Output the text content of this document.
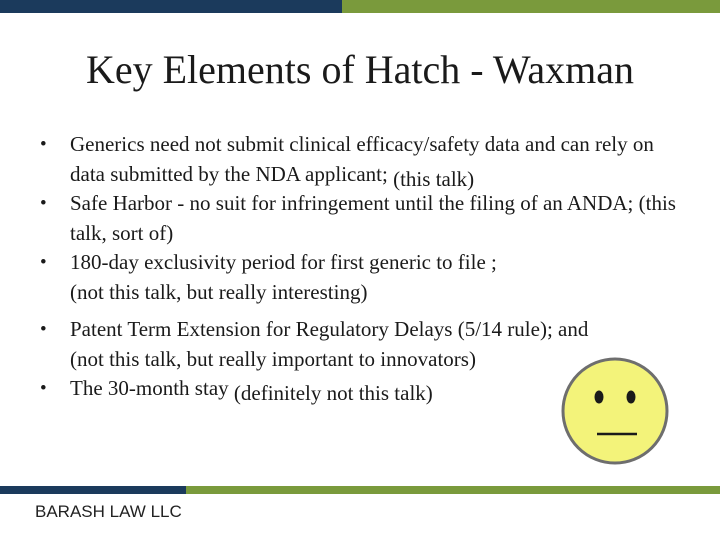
Key Elements of Hatch - Waxman
•	Generics need not submit clinical efficacy/safety data and can rely on data submitted by the NDA applicant; (this talk)
•	Safe Harbor - no suit for infringement until the filing of an ANDA; (this talk, sort of)
•	180-day exclusivity period for first generic to file ;
(not this talk, but really interesting)
•	Patent Term Extension for Regulatory Delays (5/14 rule); and
(not this talk, but really important to innovators)
•	The 30-month stay (definitely not this talk)
BARASH LAW LLC
